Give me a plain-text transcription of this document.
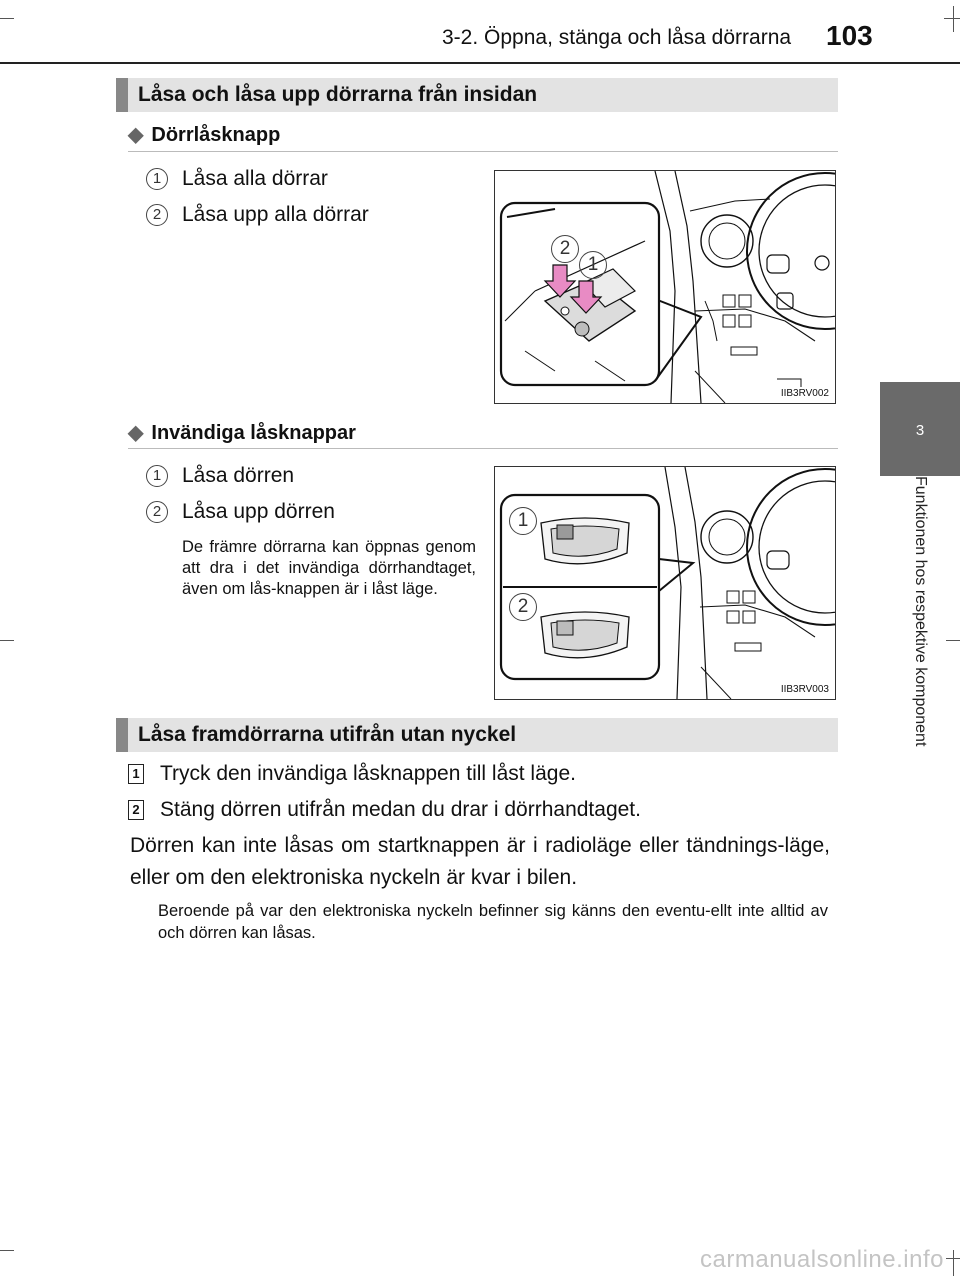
3-2. Öppna, stänga och låsa dörrarna 103
3
Funktionen hos respektive komponent
Låsa och låsa upp dörrarna från insidan
◆ Dörrlåsknapp
1 Låsa alla dörrar
2 Låsa upp alla dörrar
2
1
IIB3RV002
◆ Invändiga låsknappar
1 Låsa dörren
2 Låsa upp dörren
De främre dörrarna kan öppnas genom att dra i det invändiga dörrhandtaget, även om lås-knappen är i låst läge.
1
2
IIB3RV003
Låsa framdörrarna utifrån utan nyckel
1 Tryck den invändiga låsknappen till låst läge.
2 Stäng dörren utifrån medan du drar i dörrhandtaget.
Dörren kan inte låsas om startknappen är i radioläge eller tändnings-läge, eller om den elektroniska nyckeln är kvar i bilen.
Beroende på var den elektroniska nyckeln befinner sig känns den eventu-ellt inte alltid av och dörren kan låsas.
carmanualsonline.info
